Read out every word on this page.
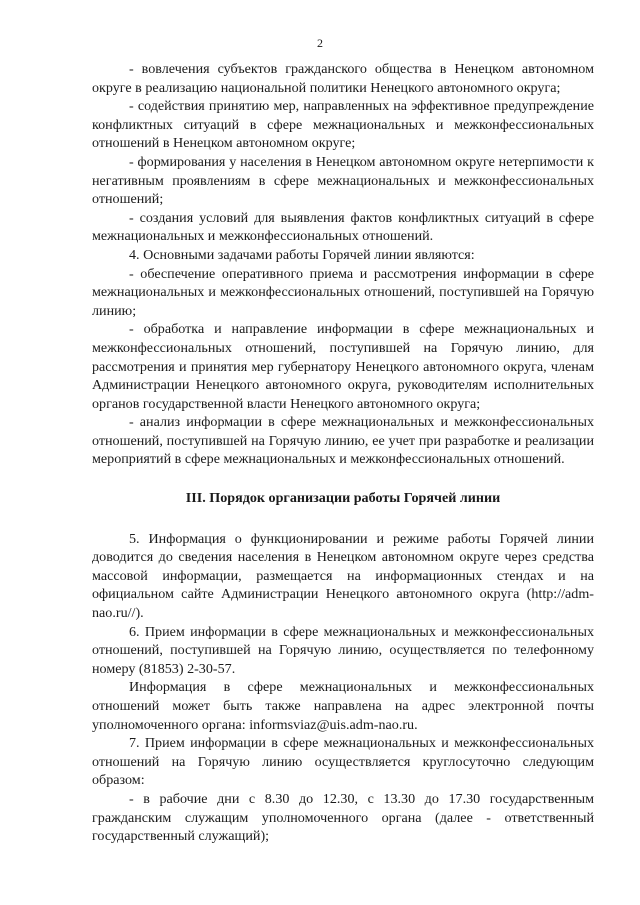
2

- вовлечения субъектов гражданского общества в Ненецком автономном округе в реализацию национальной политики Ненецкого автономного округа;

- содействия принятию мер, направленных на эффективное предупреждение конфликтных ситуаций в сфере межнациональных и межконфессиональных отношений в Ненецком автономном округе;

- формирования у населения в Ненецком автономном округе нетерпимости к негативным проявлениям в сфере межнациональных и межконфессиональных отношений;

- создания условий для выявления фактов конфликтных ситуаций в сфере межнациональных и межконфессиональных отношений.

4. Основными задачами работы Горячей линии являются:

- обеспечение оперативного приема и рассмотрения информации в сфере межнациональных и межконфессиональных отношений, поступившей на Горячую линию;

- обработка и направление информации в сфере межнациональных и межконфессиональных отношений, поступившей на Горячую линию, для рассмотрения и принятия мер губернатору Ненецкого автономного округа, членам Администрации Ненецкого автономного округа, руководителям исполнительных органов государственной власти Ненецкого автономного округа;

- анализ информации в сфере межнациональных и межконфессиональных отношений, поступившей на Горячую линию, ее учет при разработке и реализации мероприятий в сфере межнациональных и межконфессиональных отношений.

III. Порядок организации работы Горячей линии

5. Информация о функционировании и режиме работы Горячей линии доводится до сведения населения в Ненецком автономном округе через средства массовой информации, размещается на информационных стендах и на официальном сайте Администрации Ненецкого автономного округа (http://adm-nao.ru//).

6. Прием информации в сфере межнациональных и межконфессиональных отношений, поступившей на Горячую линию, осуществляется по телефонному номеру (81853) 2-30-57.

Информация в сфере межнациональных и межконфессиональных отношений может быть также направлена на адрес электронной почты уполномоченного органа: informsviaz@uis.adm-nao.ru.

7. Прием информации в сфере межнациональных и межконфессиональных отношений на Горячую линию осуществляется круглосуточно следующим образом:

- в рабочие дни с 8.30 до 12.30, с 13.30 до 17.30 государственным гражданским служащим уполномоченного органа (далее - ответственный государственный служащий);
